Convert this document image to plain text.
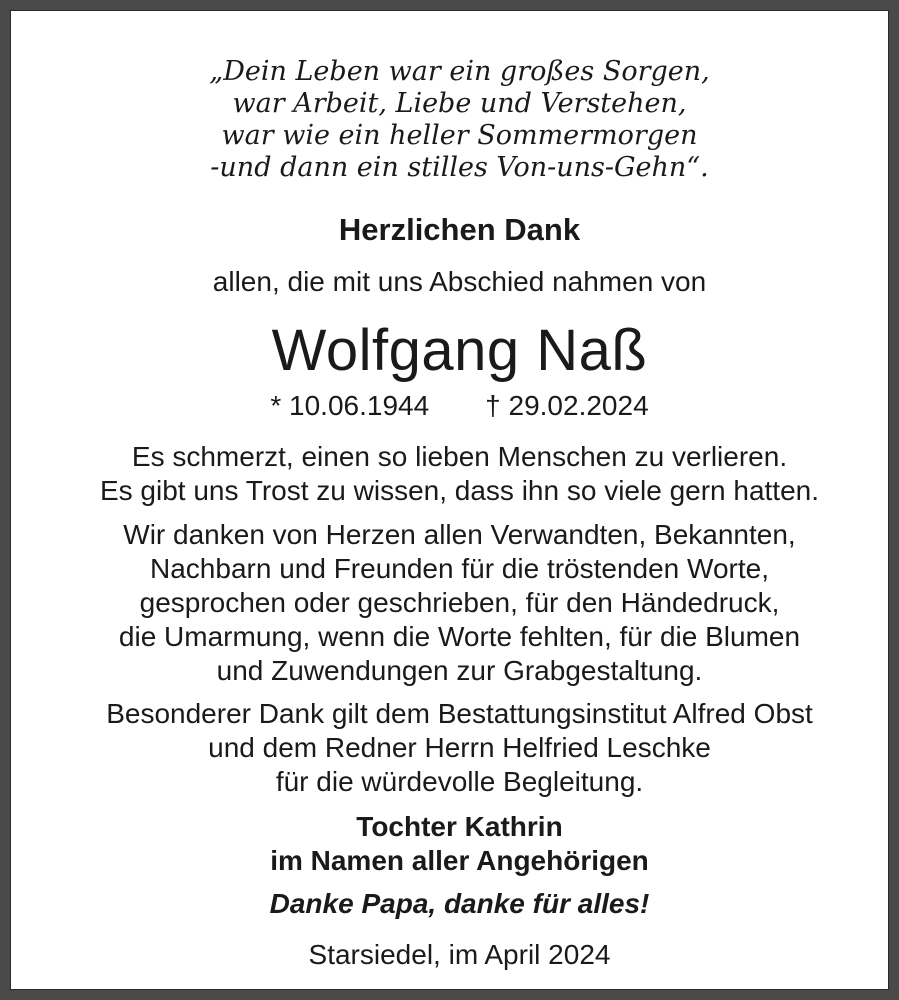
„Dein Leben war ein großes Sorgen,
war Arbeit, Liebe und Verstehen,
war wie ein heller Sommermorgen
-und dann ein stilles Von-uns-Gehn“.
Herzlichen Dank
allen, die mit uns Abschied nahmen von
Wolfgang Naß
* 10.06.1944 † 29.02.2024
Es schmerzt, einen so lieben Menschen zu verlieren.
Es gibt uns Trost zu wissen, dass ihn so viele gern hatten.
Wir danken von Herzen allen Verwandten, Bekannten,
Nachbarn und Freunden für die tröstenden Worte,
gesprochen oder geschrieben, für den Händedruck,
die Umarmung, wenn die Worte fehlten, für die Blumen
und Zuwendungen zur Grabgestaltung.
Besonderer Dank gilt dem Bestattungsinstitut Alfred Obst
und dem Redner Herrn Helfried Leschke
für die würdevolle Begleitung.
Tochter Kathrin
im Namen aller Angehörigen
Danke Papa, danke für alles!
Starsiedel, im April 2024
